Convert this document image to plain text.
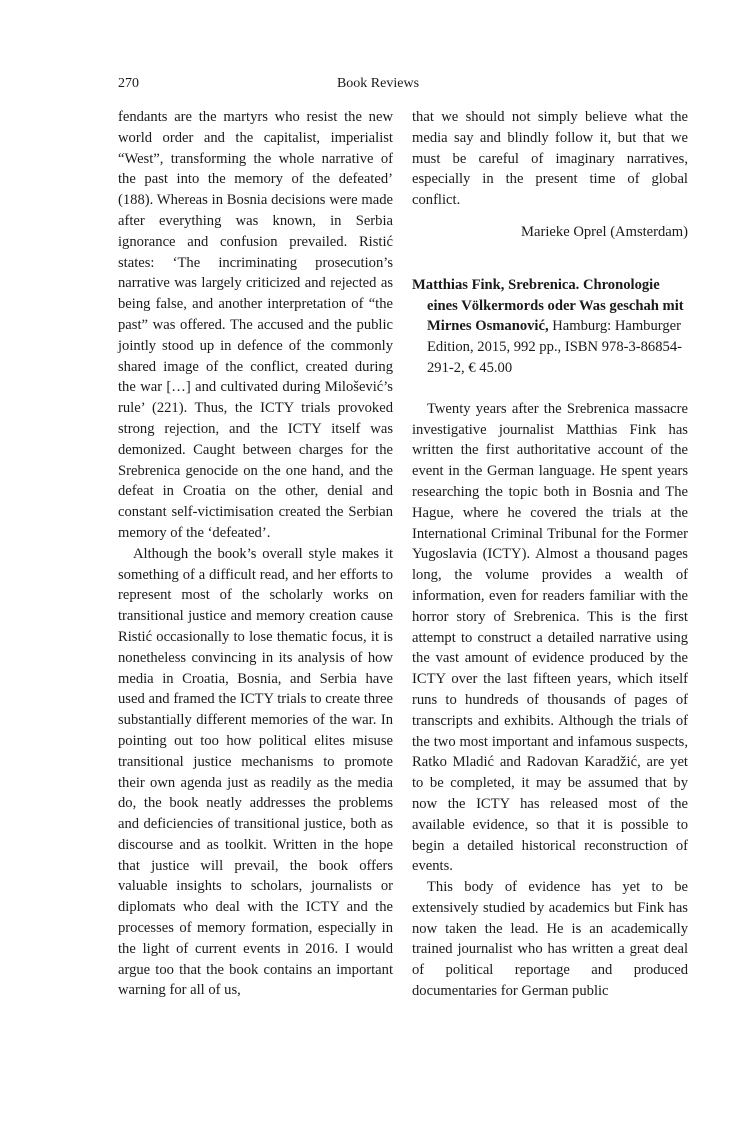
270	Book Reviews

fendants are the martyrs who resist the new world order and the capitalist, imperialist “West”, transforming the whole narrative of the past into the memory of the defeated’ (188). Whereas in Bosnia decisions were made after everything was known, in Serbia ignorance and confusion prevailed. Ristić states: ‘The incriminating prosecution’s narrative was largely criticized and rejected as being false, and another interpretation of “the past” was offered. The accused and the public jointly stood up in defence of the commonly shared image of the conflict, created during the war […] and cultivated during Milošević’s rule’ (221). Thus, the ICTY trials provoked strong rejection, and the ICTY itself was demonized. Caught between charges for the Srebrenica genocide on the one hand, and the defeat in Croatia on the other, denial and constant self-victimisation created the Serbian memory of the ‘defeated’.

Although the book’s overall style makes it something of a difficult read, and her efforts to represent most of the scholarly works on transitional justice and memory creation cause Ristić occasionally to lose thematic focus, it is nonetheless convincing in its analysis of how media in Croatia, Bosnia, and Serbia have used and framed the ICTY trials to create three substantially different memories of the war. In pointing out too how political elites misuse transitional justice mechanisms to promote their own agenda just as readily as the media do, the book neatly addresses the problems and deficiencies of transitional justice, both as discourse and as toolkit. Written in the hope that justice will prevail, the book offers valuable insights to scholars, journalists or diplomats who deal with the ICTY and the processes of memory formation, especially in the light of current events in 2016. I would argue too that the book contains an important warning for all of us,

that we should not simply believe what the media say and blindly follow it, but that we must be careful of imaginary narratives, especially in the present time of global conflict.

Marieke Oprel (Amsterdam)

Matthias Fink, Srebrenica. Chronologie eines Völkermords oder Was geschah mit Mirnes Osmanović, Hamburg: Hamburger Edition, 2015, 992 pp., ISBN 978-3-86854-291-2, € 45.00

Twenty years after the Srebrenica massacre investigative journalist Matthias Fink has written the first authoritative account of the event in the German language. He spent years researching the topic both in Bosnia and The Hague, where he covered the trials at the International Criminal Tribunal for the Former Yugoslavia (ICTY). Almost a thousand pages long, the volume provides a wealth of information, even for readers familiar with the horror story of Srebrenica. This is the first attempt to construct a detailed narrative using the vast amount of evidence produced by the ICTY over the last fifteen years, which itself runs to hundreds of thousands of pages of transcripts and exhibits. Although the trials of the two most important and infamous suspects, Ratko Mladić and Radovan Karadžić, are yet to be completed, it may be assumed that by now the ICTY has released most of the available evidence, so that it is possible to begin a detailed historical reconstruction of events.

This body of evidence has yet to be extensively studied by academics but Fink has now taken the lead. He is an academically trained journalist who has written a great deal of political reportage and produced documentaries for German public
